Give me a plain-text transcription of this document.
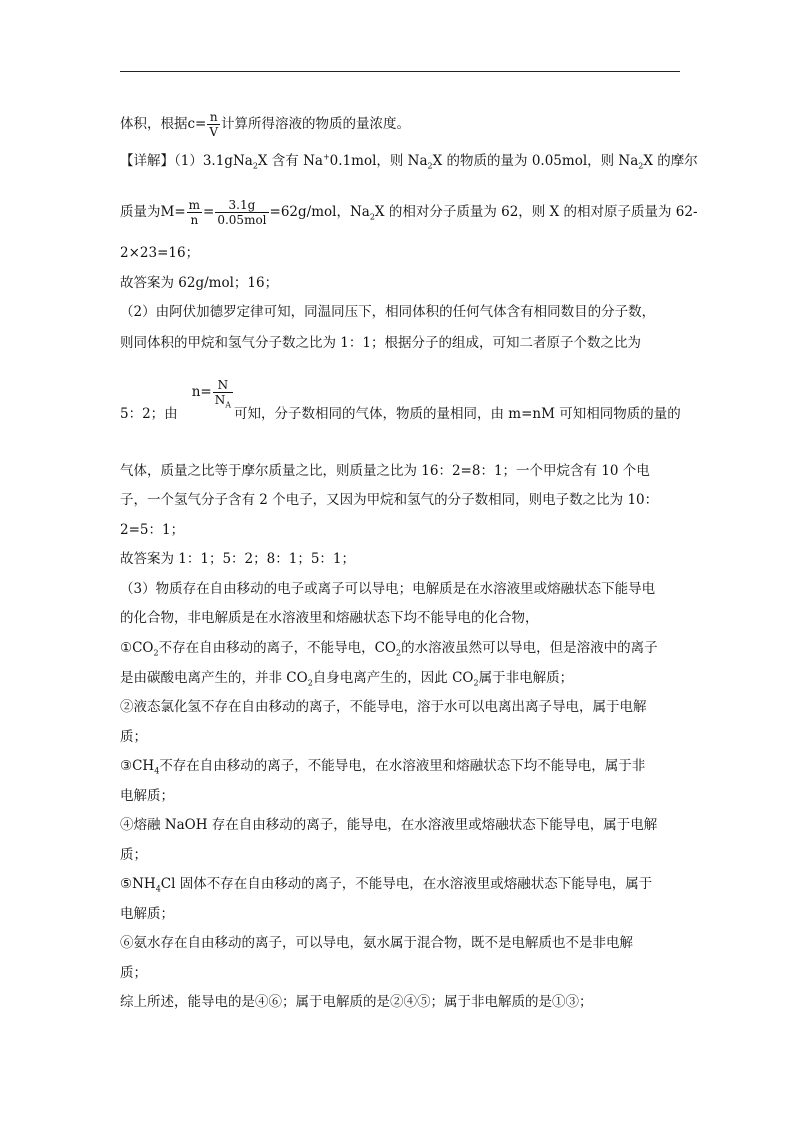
体积，根据$c= \frac{n}{V}$ 计算所得溶液的物质的量浓度。
【详解】（1）3.1gNa$_2$X 含有 Na+0.1mol，则 $Na_2X$ 的物质的量为 0.05mol，则 $Na_2X$ 的摩尔
质量为$M= \frac{m}{n} = \frac{3.1g}{\text{0.05mol}} =62g/mol$，$Na_2X$ 的相对分子质量为 62，则 X 的相对原子质量为 62-
2×23=16；
故答案为 62g/mol；16；
（2）由阿伏加德罗定律可知，同温同压下，相同体积的任何气体含有相同数目的分子数，
则同体积的甲烷和氢气分子数之比为 1：1；根据分子的组成，可知二者原子个数之比为
5：2；由$n= \frac{N}{N_A}$
可知，分子数相同的气体，物质的量相同，由 m=nM 可知相同物质的量的
气体，质量之比等于摩尔质量之比，则质量之比为 16：2=8：1；一个甲烷含有 10 个电
子，一个氢气分子含有 2 个电子，又因为甲烷和氢气的分子数相同，则电子数之比为 10：
2=5：1；
故答案为 1：1；5：2；8：1；5：1；
（3）物质存在自由移动的电子或离子可以导电；电解质是在水溶液里或熔融状态下能导电
的化合物，非电解质是在水溶液里和熔融状态下均不能导电的化合物，
$①CO_2$不存在自由移动的离子，不能导电，$CO_2$的水溶液虽然可以导电，但是溶液中的离子
是由碳酸电离产生的，并非 $CO_2$自身电离产生的，因此 $CO_2$属于非电解质；
②液态氯化氢不存在自由移动的离子，不能导电，溶于水可以电离出离子导电，属于电解
质；
$③CH_4$不存在自由移动的离子，不能导电，在水溶液里和熔融状态下均不能导电，属于非
电解质；
④熔融 NaOH 存在自由移动的离子，能导电，在水溶液里或熔融状态下能导电，属于电解
质；
$⑤NH_4Cl$ 固体不存在自由移动的离子，不能导电，在水溶液里或熔融状态下能导电，属于
电解质；
⑥氨水存在自由移动的离子，可以导电，氨水属于混合物，既不是电解质也不是非电解
质；
综上所述，能导电的是④⑥；属于电解质的是②④⑤；属于非电解质的是①③；
